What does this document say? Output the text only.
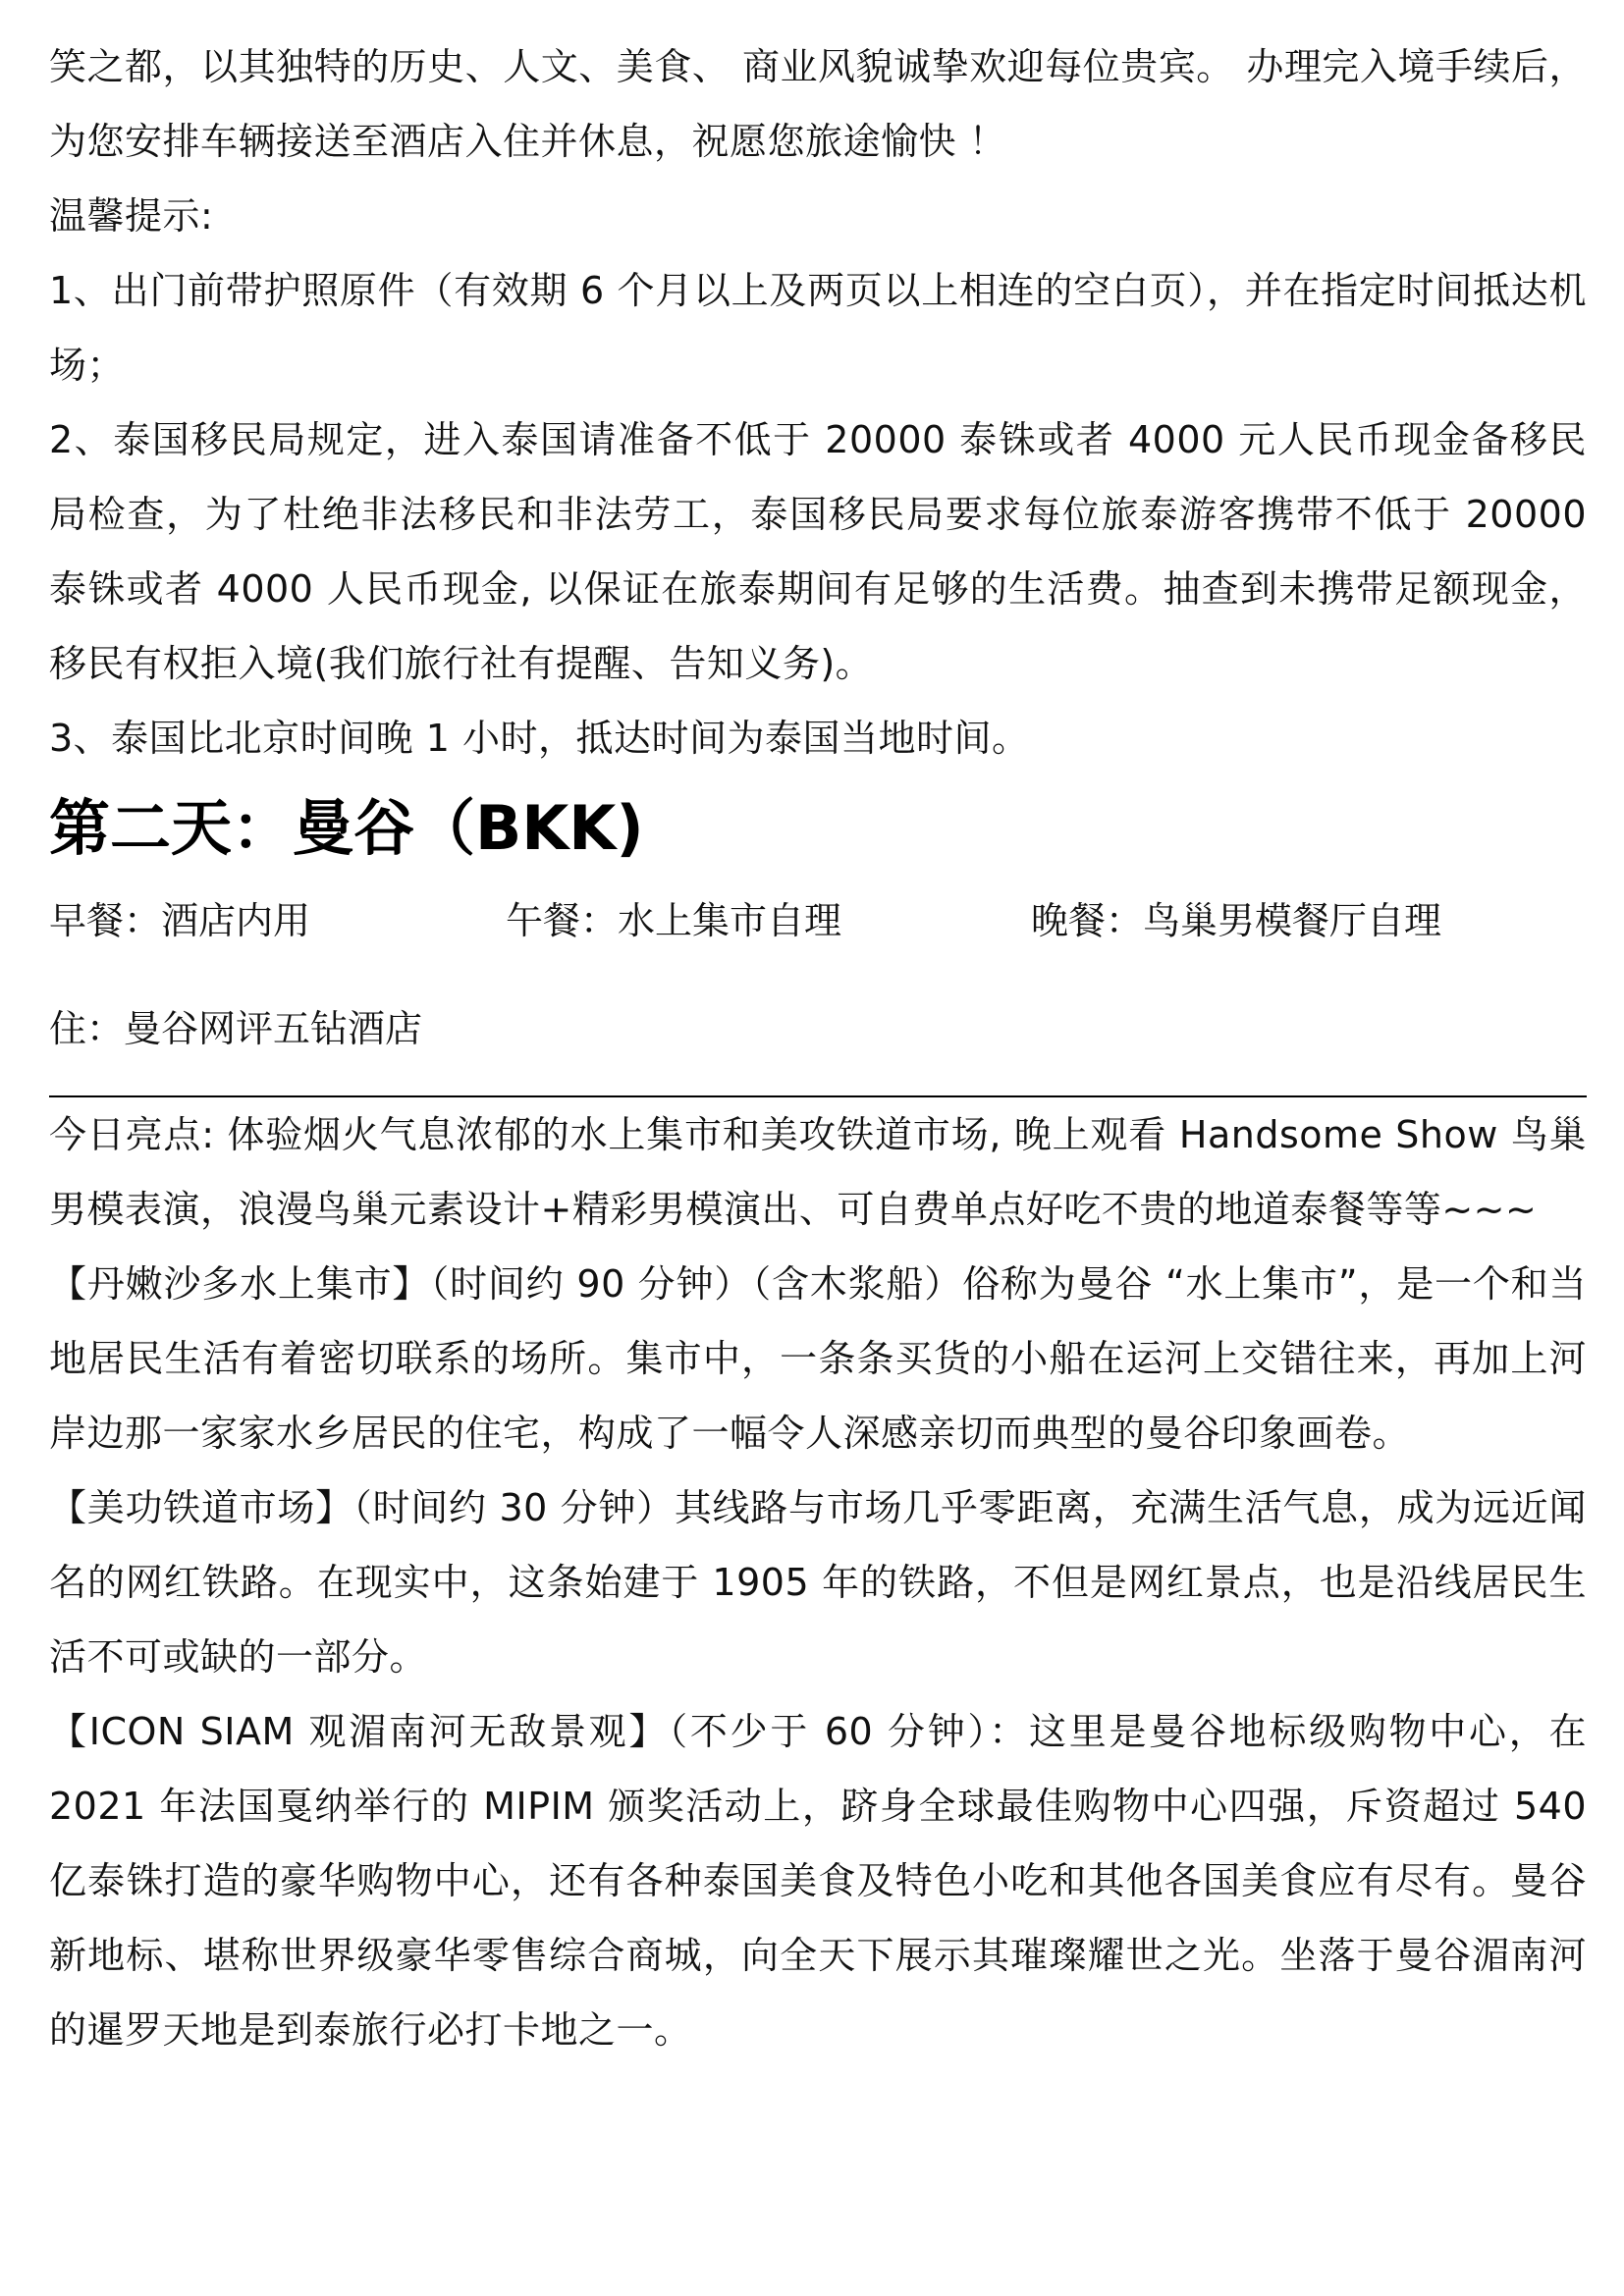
笑之都，以其独特的历史、人文、美食、 商业风貌诚挚欢迎每位贵宾。 办理完入境手续后，为您安排车辆接送至酒店入住并休息，祝愿您旅途愉快 ！

温馨提示:

1、出门前带护照原件（有效期 6 个月以上及两页以上相连的空白页），并在指定时间抵达机场；

2、泰国移民局规定，进入泰国请准备不低于 20000 泰铢或者 4000 元人民币现金备移民局检查，为了杜绝非法移民和非法劳工，泰国移民局要求每位旅泰游客携带不低于 20000 泰铢或者 4000 人民币现金, 以保证在旅泰期间有足够的生活费。抽查到未携带足额现金，移民有权拒入境(我们旅行社有提醒、告知义务)。

3、泰国比北京时间晚 1 小时，抵达时间为泰国当地时间。

第二天：曼谷（BKK)
早餐：酒店内用	午餐：水上集市自理	晚餐：鸟巢男模餐厅自理
住：曼谷网评五钻酒店

今日亮点: 体验烟火气息浓郁的水上集市和美攻铁道市场, 晚上观看 Handsome Show 鸟巢男模表演，浪漫鸟巢元素设计+精彩男模演出、可自费单点好吃不贵的地道泰餐等等~~~

【丹嫩沙多水上集市】（时间约 90 分钟）（含木浆船）俗称为曼谷 “水上集市”，是一个和当地居民生活有着密切联系的场所。集市中，一条条买货的小船在运河上交错往来，再加上河岸边那一家家水乡居民的住宅，构成了一幅令人深感亲切而典型的曼谷印象画卷。

【美功铁道市场】（时间约 30 分钟）其线路与市场几乎零距离，充满生活气息，成为远近闻名的网红铁路。在现实中，这条始建于 1905 年的铁路，不但是网红景点，也是沿线居民生活不可或缺的一部分。

【ICON SIAM 观湄南河无敌景观】（不少于 60 分钟）：这里是曼谷地标级购物中心，在 2021 年法国戛纳举行的 MIPIM 颁奖活动上，跻身全球最佳购物中心四强，斥资超过 540 亿泰铢打造的豪华购物中心，还有各种泰国美食及特色小吃和其他各国美食应有尽有。曼谷新地标、堪称世界级豪华零售综合商城，向全天下展示其璀璨耀世之光。坐落于曼谷湄南河的暹罗天地是到泰旅行必打卡地之一。
